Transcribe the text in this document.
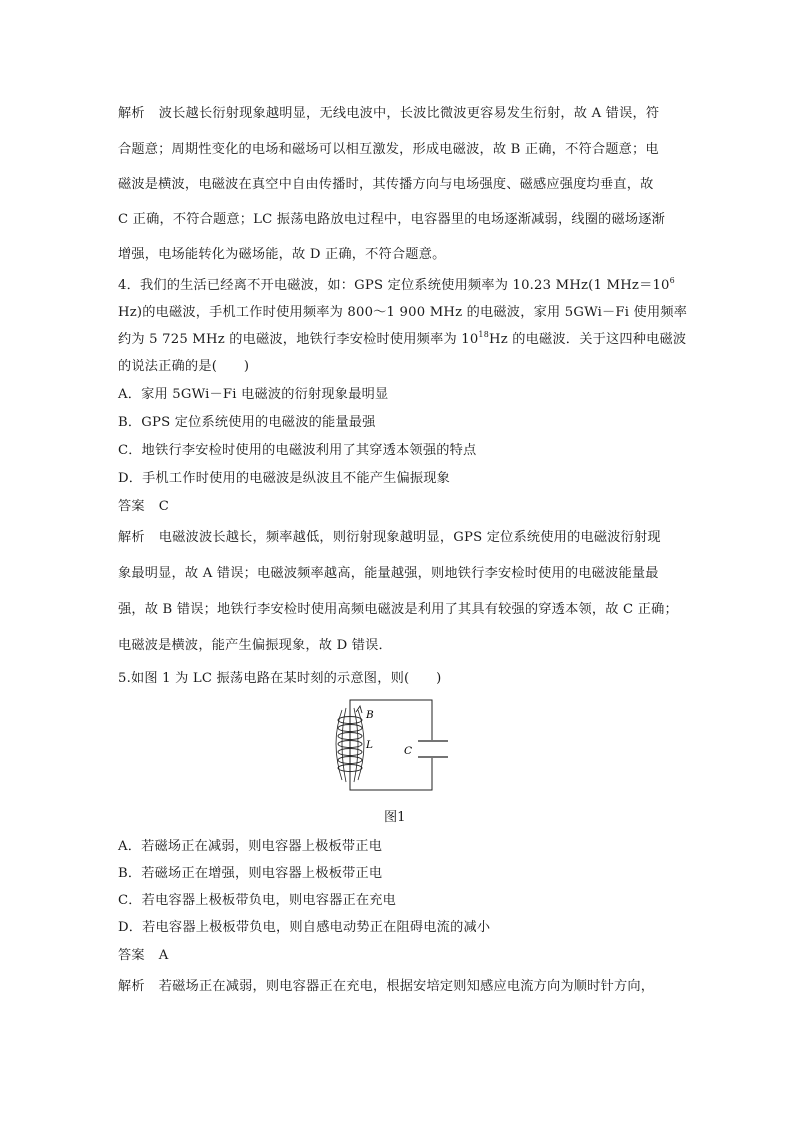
解析 波长越长衍射现象越明显，无线电波中，长波比微波更容易发生衍射，故 A 错误，符
合题意；周期性变化的电场和磁场可以相互激发，形成电磁波，故 B 正确，不符合题意；电
磁波是横波，电磁波在真空中自由传播时，其传播方向与电场强度、磁感应强度均垂直，故
C 正确，不符合题意；LC 振荡电路放电过程中，电容器里的电场逐渐减弱，线圈的磁场逐渐
增强，电场能转化为磁场能，故 D 正确，不符合题意。
4．我们的生活已经离不开电磁波，如：GPS 定位系统使用频率为 10.23 MHz(1 $MHz=10^6$
Hz)的电磁波，手机工作时使用频率为 800～1 900 MHz 的电磁波，家用 5GWi－Fi 使用频率
约为 5 725 MHz 的电磁波，地铁行李安检时使用频率为 $10^{18}Hz$ 的电磁波．关于这四种电磁波
的说法正确的是(　　)
A．家用 5GWi－Fi 电磁波的衍射现象最明显
B．GPS 定位系统使用的电磁波的能量最强
C．地铁行李安检时使用的电磁波利用了其穿透本领强的特点
D．手机工作时使用的电磁波是纵波且不能产生偏振现象
答案 C
解析 电磁波波长越长，频率越低，则衍射现象越明显，GPS 定位系统使用的电磁波衍射现
象最明显，故 A 错误；电磁波频率越高，能量越强，则地铁行李安检时使用的电磁波能量最
强，故 B 错误；地铁行李安检时使用高频电磁波是利用了其具有较强的穿透本领，故 C 正确；
电磁波是横波，能产生偏振现象，故 D 错误．
5.如图 1 为 LC 振荡电路在某时刻的示意图，则(　　)
B
L	C
图1
A．若磁场正在减弱，则电容器上极板带正电
B．若磁场正在增强，则电容器上极板带正电
C．若电容器上极板带负电，则电容器正在充电
D．若电容器上极板带负电，则自感电动势正在阻碍电流的减小
答案 A
解析 若磁场正在减弱，则电容器正在充电，根据安培定则知感应电流方向为顺时针方向，
